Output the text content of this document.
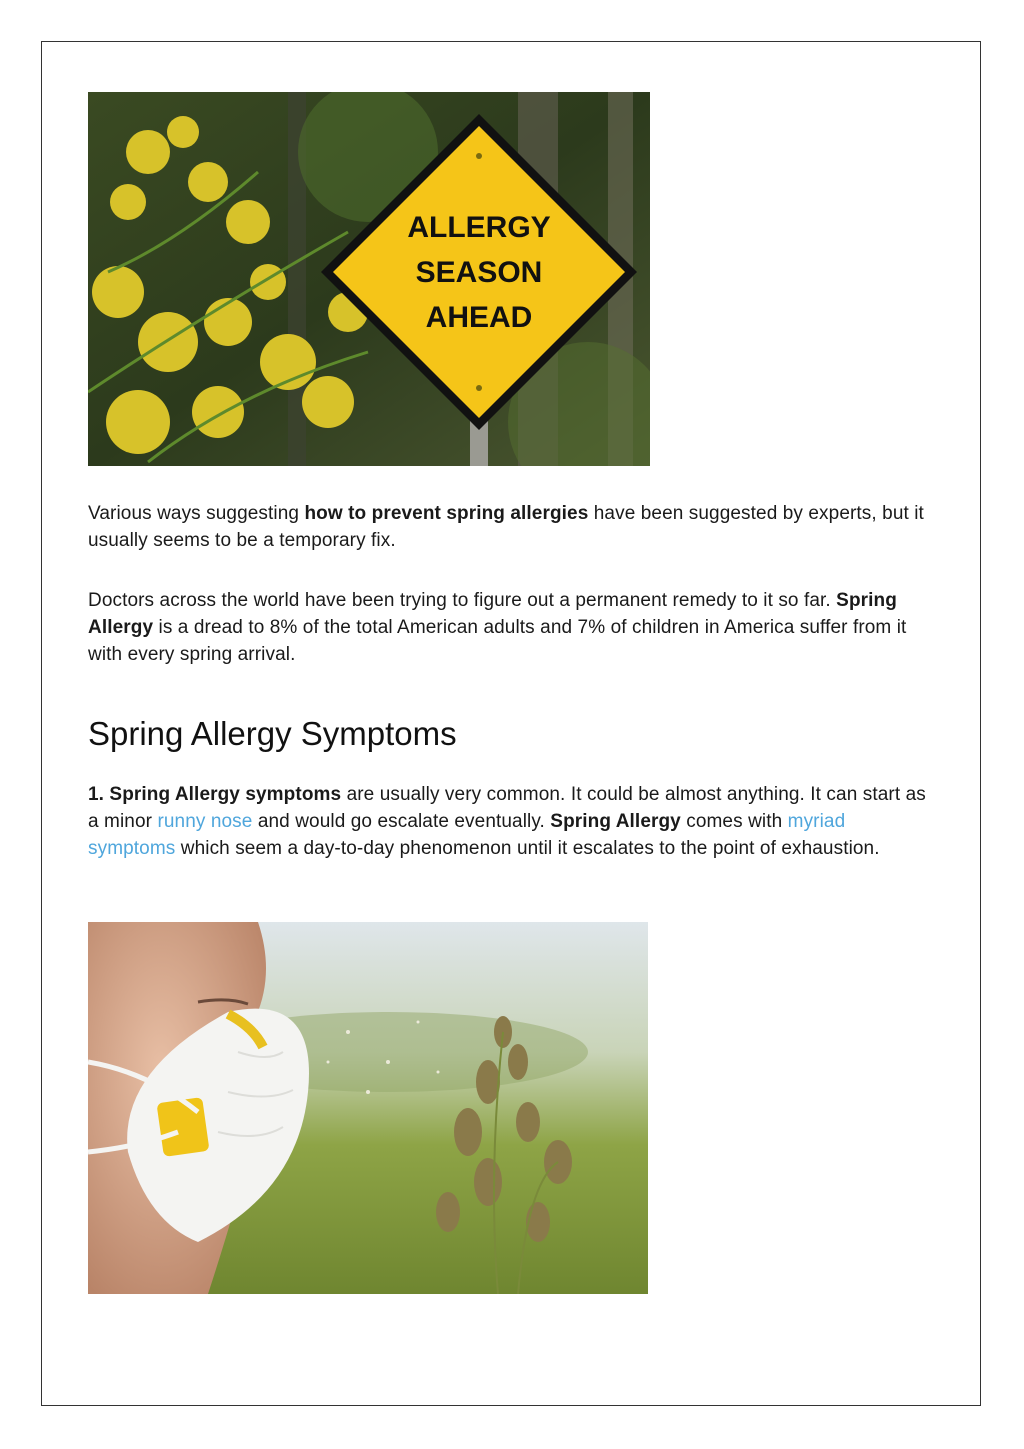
ALLERGY
SEASON
AHEAD

Various ways suggesting how to prevent spring allergies have been suggested by experts, but it usually seems to be a temporary fix.

Doctors across the world have been trying to figure out a permanent remedy to it so far. Spring Allergy is a dread to 8% of the total American adults and 7% of children in America suffer from it with every spring arrival.

Spring Allergy Symptoms

1. Spring Allergy symptoms are usually very common. It could be almost anything. It can start as a minor runny nose and would go escalate eventually. Spring Allergy comes with myriad symptoms which seem a day-to-day phenomenon until it escalates to the point of exhaustion.
